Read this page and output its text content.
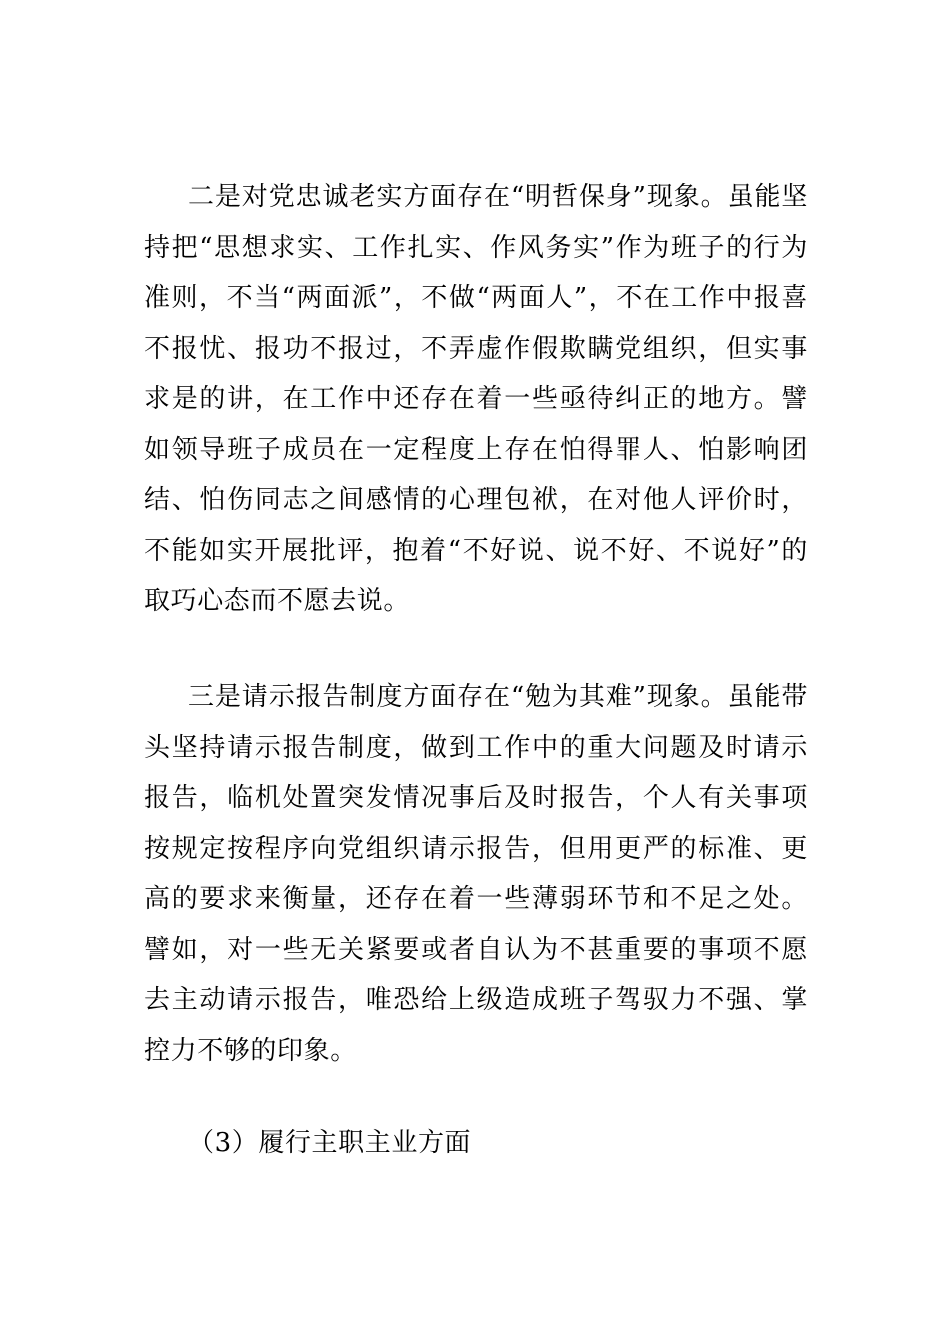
二是对党忠诚老实方面存在“明哲保身”现象。虽能坚持把“思想求实、工作扎实、作风务实”作为班子的行为准则，不当“两面派”，不做“两面人”，不在工作中报喜不报忧、报功不报过，不弄虚作假欺瞒党组织，但实事求是的讲，在工作中还存在着一些亟待纠正的地方。譬如领导班子成员在一定程度上存在怕得罪人、怕影响团结、怕伤同志之间感情的心理包袱，在对他人评价时，不能如实开展批评，抱着“不好说、说不好、不说好”的取巧心态而不愿去说。

三是请示报告制度方面存在“勉为其难”现象。虽能带头坚持请示报告制度，做到工作中的重大问题及时请示报告，临机处置突发情况事后及时报告，个人有关事项按规定按程序向党组织请示报告，但用更严的标准、更高的要求来衡量，还存在着一些薄弱环节和不足之处。譬如，对一些无关紧要或者自认为不甚重要的事项不愿去主动请示报告，唯恐给上级造成班子驾驭力不强、掌控力不够的印象。

（3）履行主职主业方面
